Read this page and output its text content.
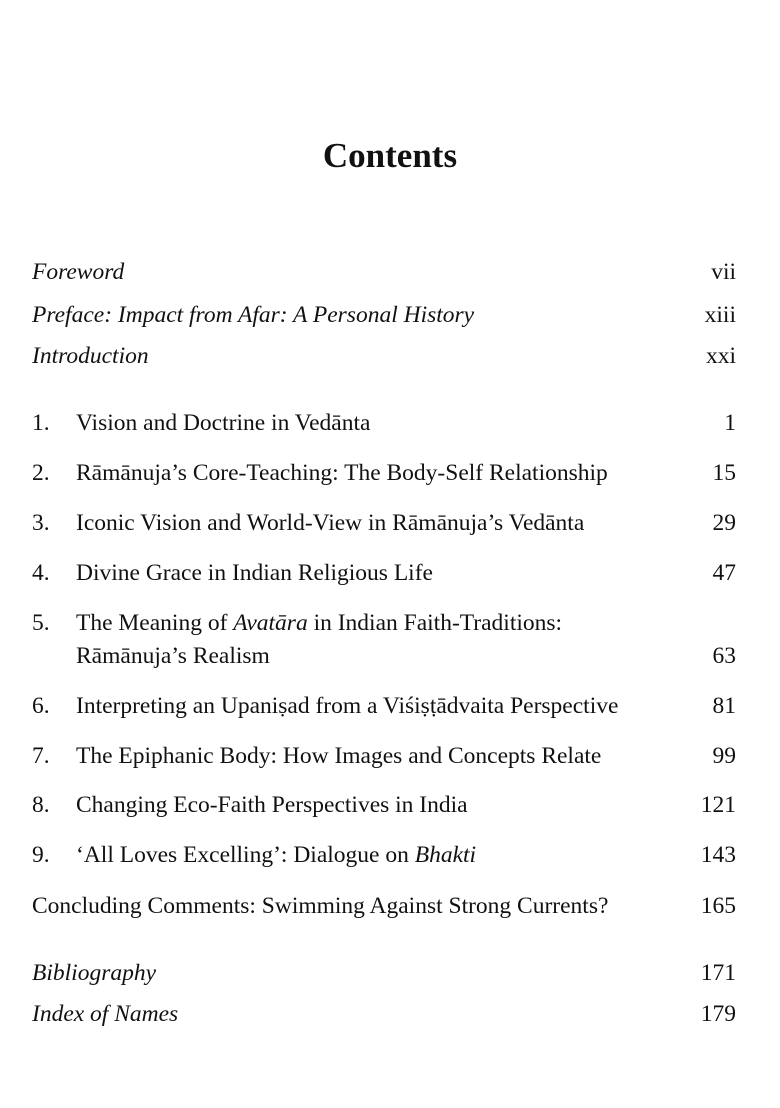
Contents
Foreword	vii
Preface: Impact from Afar: A Personal History	xiii
Introduction	xxi
1. Vision and Doctrine in Vedānta	1
2. Rāmānuja’s Core-Teaching: The Body-Self Relationship	15
3. Iconic Vision and World-View in Rāmānuja’s Vedānta	29
4. Divine Grace in Indian Religious Life	47
5. The Meaning of Avatāra in Indian Faith-Traditions:
Rāmānuja’s Realism	63
6. Interpreting an Upaniṣad from a Viśiṣṭādvaita Perspective	81
7. The Epiphanic Body: How Images and Concepts Relate	99
8. Changing Eco-Faith Perspectives in India	121
9. ‘All Loves Excelling’: Dialogue on Bhakti	143
Concluding Comments: Swimming Against Strong Currents?	165
Bibliography	171
Index of Names	179
